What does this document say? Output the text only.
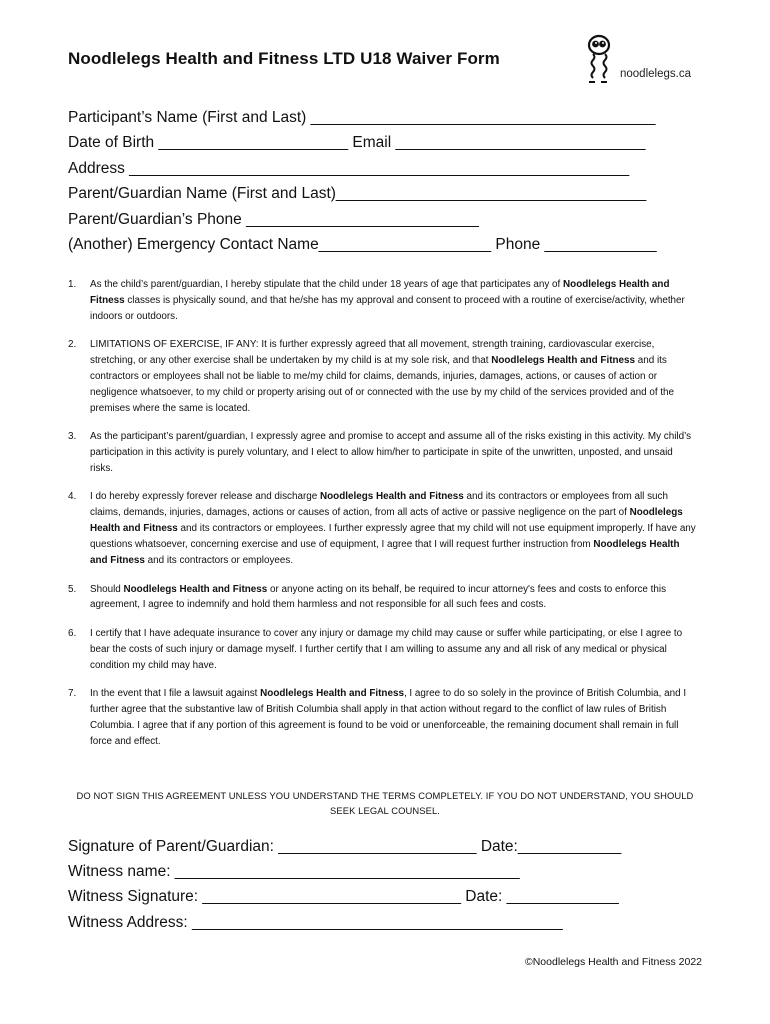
Noodlelegs Health and Fitness LTD U18 Waiver Form
noodlelegs.ca
Participant’s Name (First and Last) ________________________________________
Date of Birth ______________________ Email _____________________________
Address __________________________________________________________
Parent/Guardian Name (First and Last)____________________________________
Parent/Guardian’s Phone ___________________________
(Another) Emergency Contact Name____________________ Phone _____________
1.	As the child’s parent/guardian, I hereby stipulate that the child under 18 years of age that participates any of Noodlelegs Health and Fitness classes is physically sound, and that he/she has my approval and consent to proceed with a routine of exercise/activity, whether indoors or outdoors.
2.	LIMITATIONS OF EXERCISE, IF ANY: It is further expressly agreed that all movement, strength training, cardiovascular exercise, stretching, or any other exercise shall be undertaken by my child is at my sole risk, and that Noodlelegs Health and Fitness and its contractors or employees shall not be liable to me/my child for claims, demands, injuries, damages, actions, or causes of action or negligence whatsoever, to my child or property arising out of or connected with the use by my child of the services provided and of the premises where the same is located.
3.	As the participant’s parent/guardian, I expressly agree and promise to accept and assume all of the risks existing in this activity. My child’s participation in this activity is purely voluntary, and I elect to allow him/her to participate in spite of the unwritten, unposted, and unsaid risks.
4.	I do hereby expressly forever release and discharge Noodlelegs Health and Fitness and its contractors or employees from all such claims, demands, injuries, damages, actions or causes of action, from all acts of active or passive negligence on the part of Noodlelegs Health and Fitness and its contractors or employees. I further expressly agree that my child will not use equipment improperly. If have any questions whatsoever, concerning exercise and use of equipment, I agree that I will request further instruction from Noodlelegs Health and Fitness and its contractors or employees.
5.	Should Noodlelegs Health and Fitness or anyone acting on its behalf, be required to incur attorney's fees and costs to enforce this agreement, I agree to indemnify and hold them harmless and not responsible for all such fees and costs.
6.	I certify that I have adequate insurance to cover any injury or damage my child may cause or suffer while participating, or else I agree to bear the costs of such injury or damage myself. I further certify that I am willing to assume any and all risk of any medical or physical condition my child may have.
7.	In the event that I file a lawsuit against Noodlelegs Health and Fitness, I agree to do so solely in the province of British Columbia, and I further agree that the substantive law of British Columbia shall apply in that action without regard to the conflict of law rules of British Columbia. I agree that if any portion of this agreement is found to be void or unenforceable, the remaining document shall remain in full force and effect.
DO NOT SIGN THIS AGREEMENT UNLESS YOU UNDERSTAND THE TERMS COMPLETELY. IF YOU DO NOT UNDERSTAND, YOU SHOULD SEEK LEGAL COUNSEL.
Signature of Parent/Guardian: _______________________ Date:____________
Witness name: ________________________________________
Witness Signature: ______________________________ Date: _____________
Witness Address: ___________________________________________
©Noodlelegs Health and Fitness 2022
